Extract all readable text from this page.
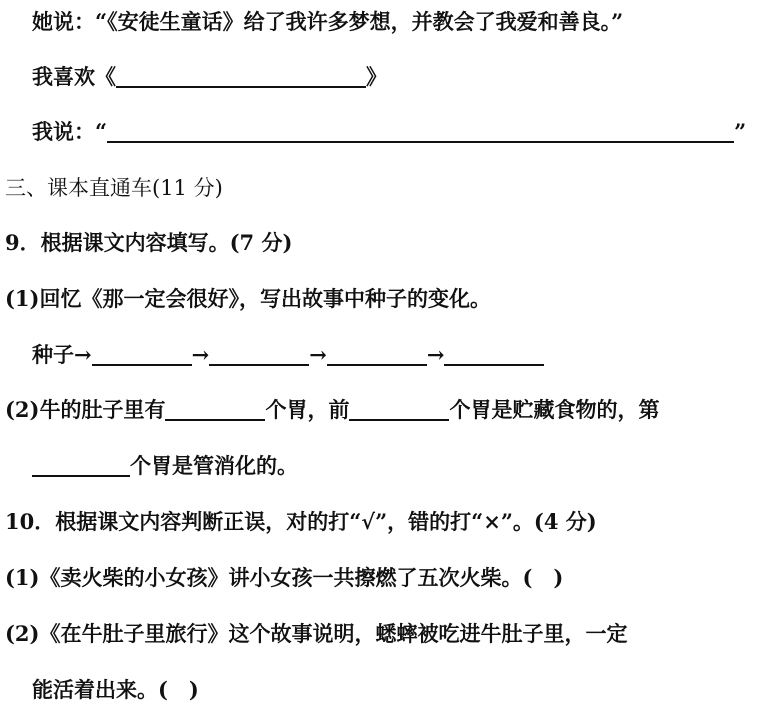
她说：“《安徒生童话》给了我许多梦想，并教会了我爱和善良。”
我喜欢《	》
我说：“	”
三、课本直通车(11 分)
9．根据课文内容填写。(7 分)
(1)回忆《那一定会很好》，写出故事中种子的变化。
种子→	→	→	→
(2)牛的肚子里有	个胃，前	个胃是贮藏食物的，第
个胃是管消化的。
10．根据课文内容判断正误，对的打“√”，错的打“×”。(4 分)
(1)《卖火柴的小女孩》讲小女孩一共擦燃了五次火柴。(　)
(2)《在牛肚子里旅行》这个故事说明，蟋蟀被吃进牛肚子里，一定
能活着出来。(　)
